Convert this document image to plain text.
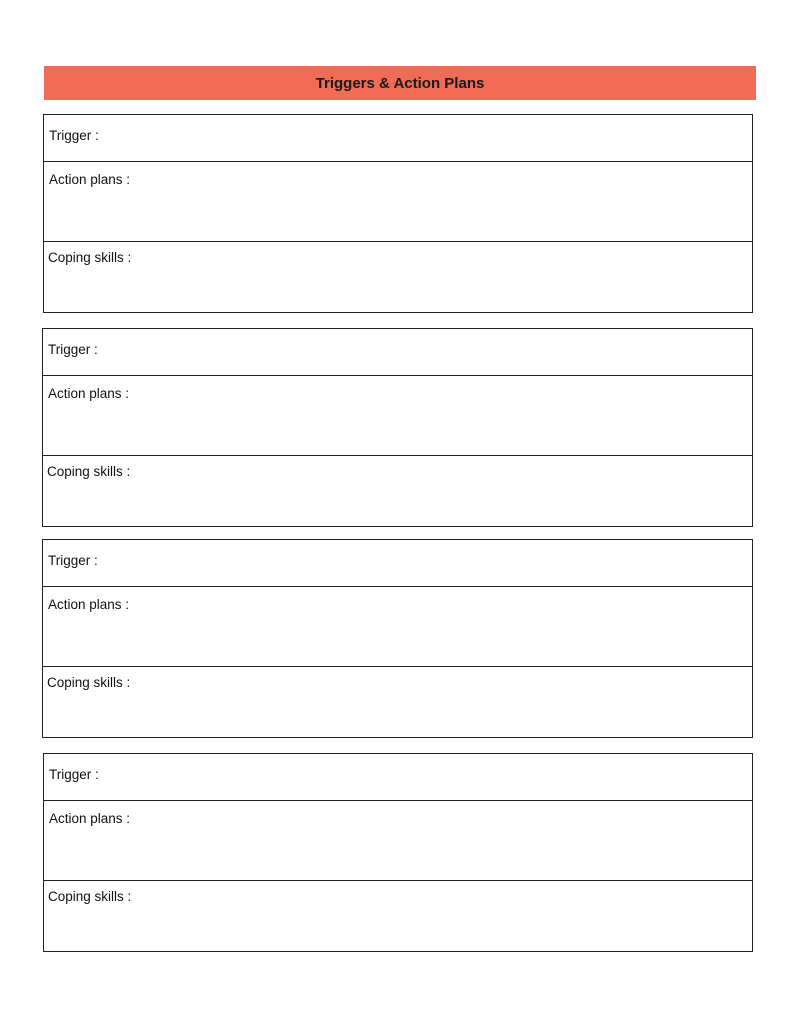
Triggers & Action Plans
Trigger :
Action plans :
Coping skills :
Trigger :
Action plans :
Coping skills :
Trigger :
Action plans :
Coping skills :
Trigger :
Action plans :
Coping skills :
